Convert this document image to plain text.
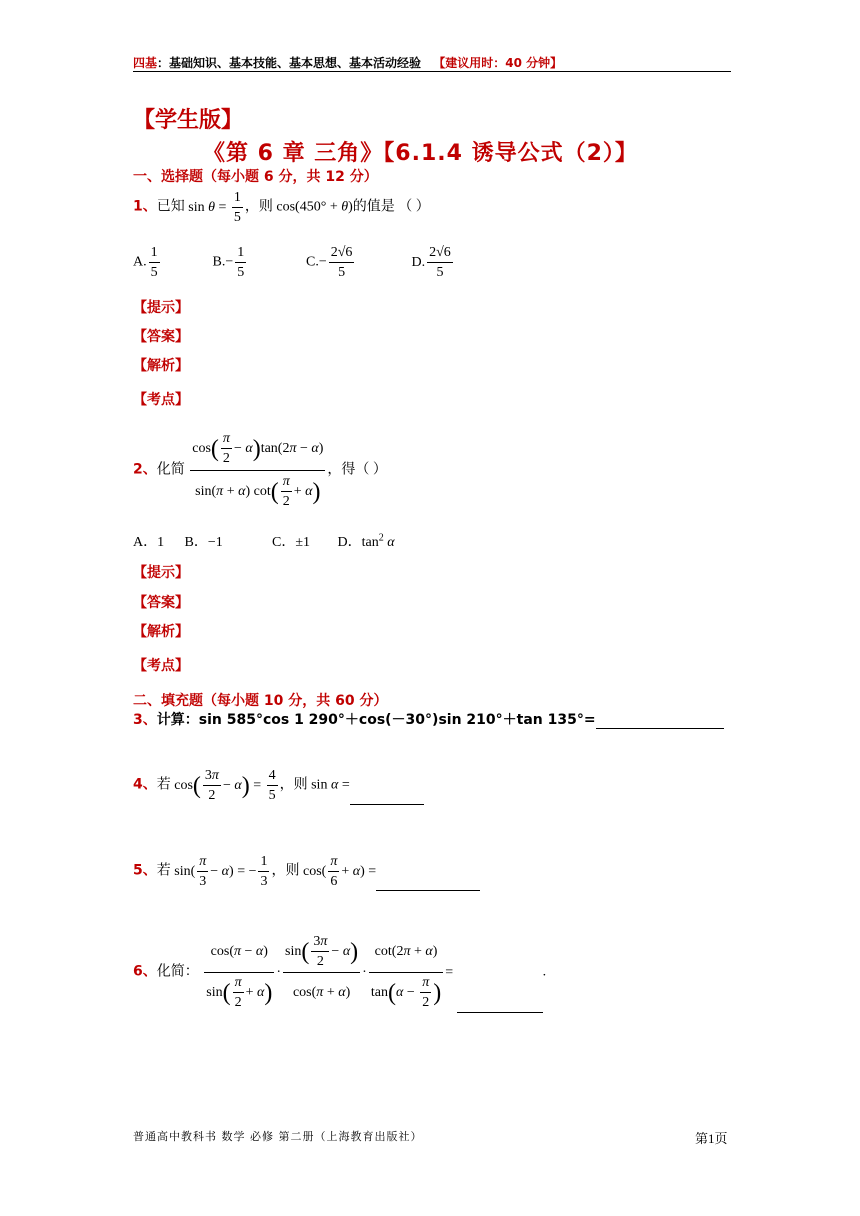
四基：基础知识、基本技能、基本思想、基本活动经验 【建议用时：40 分钟】
【学生版】
《第 6 章 三角》【6.1.4 诱导公式（2）】
一、选择题（每小题 6 分，共 12 分）
1、已知 $\sin \theta = \frac{1}{5}$ ，则 cos(450° + θ)的值是 （ ）
A. $\frac{1}{5}$	$B.- \frac{1}{5}$	$C.- \frac{2√6}{5}$	D. $\frac{2√6}{5}$
【提示】
【答案】
【解析】
【考点】
2、化简 $\frac{\cos( \frac{\pi}{2} - \alpha)\tan(2\pi - \alpha)}{\sin(\pi + \alpha) \cot( \frac{\pi}{2} + \alpha)}$ ，得（ ）
A．1 B．−1	C．±1 D．$\tan^2 \alpha$
【提示】
【答案】
【解析】
【考点】
二、填充题（每小题 10 分，共 60 分）
3、计算：sin 585°cos 1 290°＋cos(－30°)sin 210°＋tan 135°=
4、若 $\cos( \frac{3\pi}{2} - \alpha) = \frac{4}{5}$ ，则 sin α =
5、若 $\sin( \frac{\pi}{3} - \alpha)$ = − $\frac{1}{3}$ ，则 $\cos( \frac{\pi}{6} + \alpha)$ =
6、化简： $\frac{\cos(\pi - \alpha)}{\sin( \frac{\pi}{2} + \alpha)} \cdot \frac{\sin( \frac{3\pi}{2} - \alpha)}{\cos(\pi + \alpha)} \cdot \frac{\cot(2\pi + \alpha)}{\tan(\alpha - \frac{\pi}{2} )}$ =	.
普通高中教科书 数学 必修 第二册（上海教育出版社）	第1页
